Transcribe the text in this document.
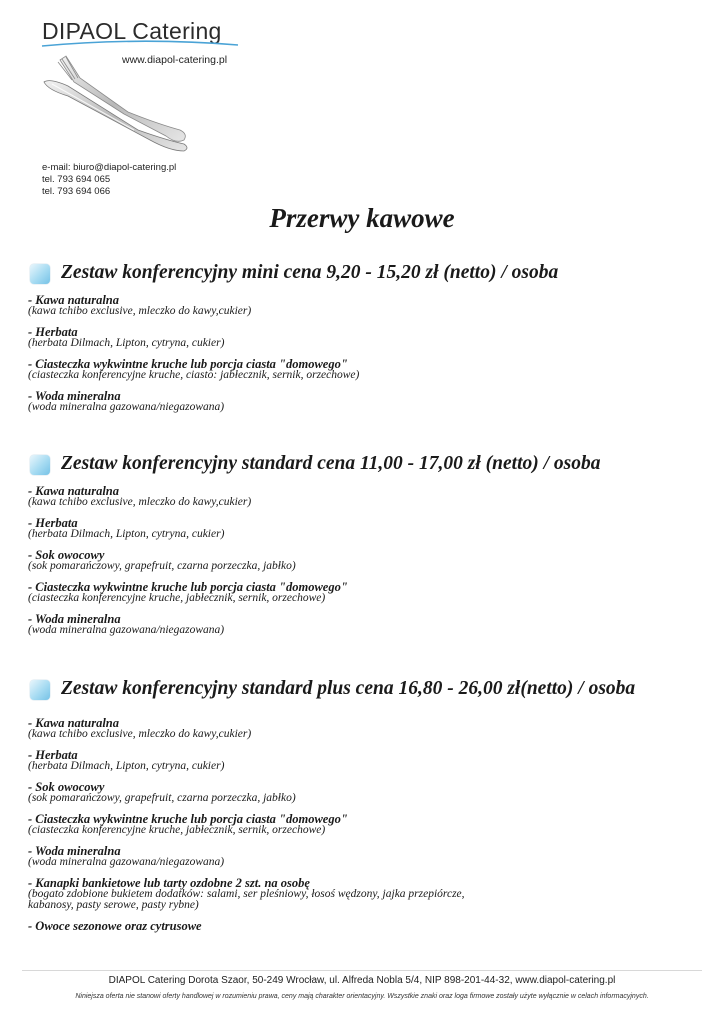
DIPAOL Catering
www.diapol-catering.pl
e-mail: biuro@diapol-catering.pl
tel. 793 694 065
tel. 793 694 066
Przerwy kawowe
Zestaw konferencyjny mini cena 9,20 - 15,20 zł (netto) / osoba
- Kawa naturalna
(kawa tchibo exclusive, mleczko do kawy,cukier)
- Herbata
(herbata Dilmach, Lipton, cytryna, cukier)
- Ciasteczka wykwintne kruche lub porcja ciasta "domowego"
(ciasteczka konferencyjne kruche, ciasto: jabłecznik, sernik, orzechowe)
- Woda mineralna
(woda mineralna gazowana/niegazowana)
Zestaw konferencyjny standard cena 11,00 - 17,00 zł (netto) / osoba
- Kawa naturalna
(kawa tchibo exclusive, mleczko do kawy,cukier)
- Herbata
(herbata Dilmach, Lipton, cytryna, cukier)
- Sok owocowy
(sok pomarańczowy, grapefruit, czarna porzeczka, jabłko)
- Ciasteczka wykwintne kruche lub porcja ciasta "domowego"
(ciasteczka konferencyjne kruche, jabłecznik, sernik, orzechowe)
- Woda mineralna
(woda mineralna gazowana/niegazowana)
Zestaw konferencyjny standard plus cena 16,80 - 26,00 zł(netto) / osoba
- Kawa naturalna
(kawa tchibo exclusive, mleczko do kawy,cukier)
- Herbata
(herbata Dilmach, Lipton, cytryna, cukier)
- Sok owocowy
(sok pomarańczowy, grapefruit, czarna porzeczka, jabłko)
- Ciasteczka wykwintne kruche lub porcja ciasta "domowego"
(ciasteczka konferencyjne kruche, jabłecznik, sernik, orzechowe)
- Woda mineralna
(woda mineralna gazowana/niegazowana)
- Kanapki bankietowe lub tarty ozdobne 2 szt. na osobę
(bogato zdobione bukietem dodatków: salami, ser pleśniowy, łosoś wędzony, jajka przepiórcze,
kabanosy, pasty serowe, pasty rybne)
- Owoce sezonowe oraz cytrusowe
DIAPOL Catering Dorota Szaor, 50-249 Wrocław, ul. Alfreda Nobla 5/4, NIP 898-201-44-32, www.diapol-catering.pl
Niniejsza oferta nie stanowi oferty handlowej w rozumieniu prawa, ceny mają charakter orientacyjny. Wszystkie znaki oraz loga firmowe zostały użyte wyłącznie w celach informacyjnych.
